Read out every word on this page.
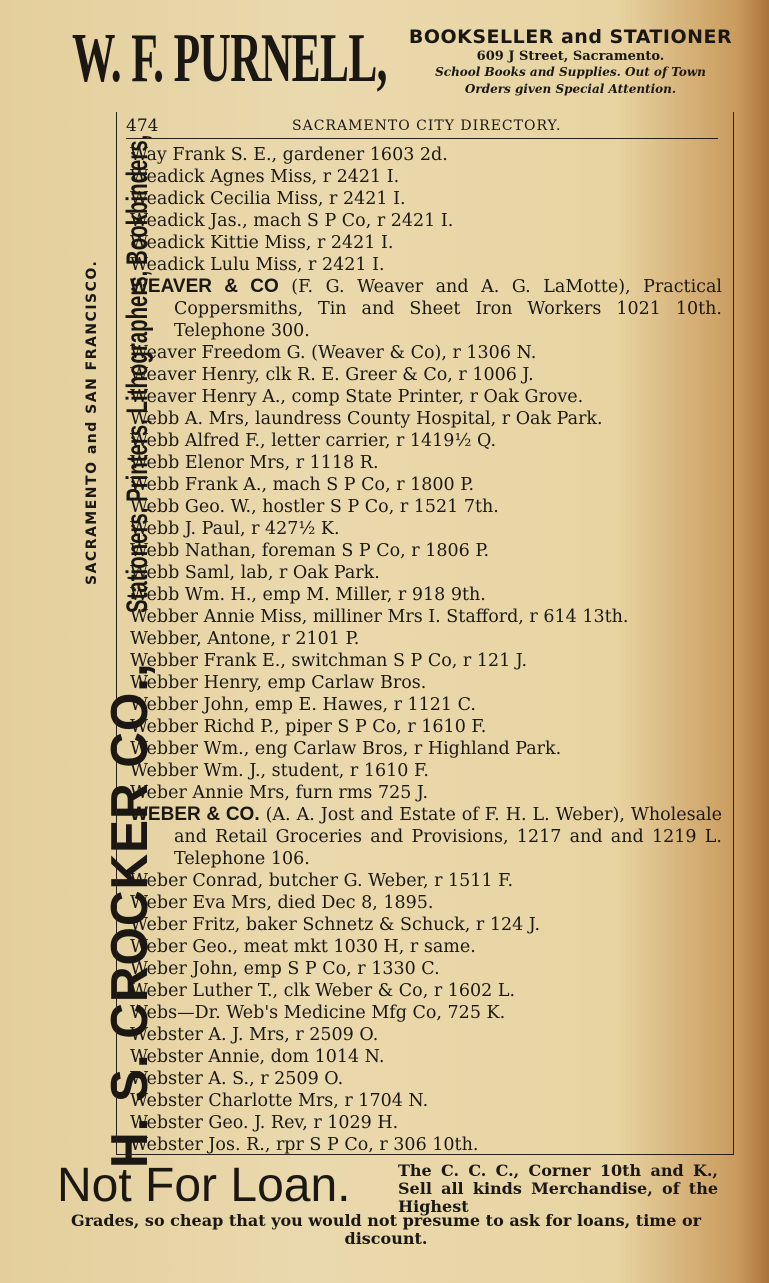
W. F. PURNELL, BOOKSELLER and STATIONER
609 J Street, Sacramento.
School Books and Supplies. Out of Town
Orders given Special Attention.
H. S. CROCKER CO., Stationers, Printers, Lithographers, Bookbinders,
SACRAMENTO and SAN FRANCISCO.
474	SACRAMENTO CITY DIRECTORY.
Way Frank S. E., gardener 1603 2d.
Weadick Agnes Miss, r 2421 I.
Weadick Cecilia Miss, r 2421 I.
Weadick Jas., mach S P Co, r 2421 I.
Weadick Kittie Miss, r 2421 I.
Weadick Lulu Miss, r 2421 I.
WEAVER & CO (F. G. Weaver and A. G. LaMotte), Practical Coppersmiths, Tin and Sheet Iron Workers 1021 10th. Telephone 300.
Weaver Freedom G. (Weaver & Co), r 1306 N.
Weaver Henry, clk R. E. Greer & Co, r 1006 J.
Weaver Henry A., comp State Printer, r Oak Grove.
Webb A. Mrs, laundress County Hospital, r Oak Park.
Webb Alfred F., letter carrier, r 1419½ Q.
Webb Elenor Mrs, r 1118 R.
Webb Frank A., mach S P Co, r 1800 P.
Webb Geo. W., hostler S P Co, r 1521 7th.
Webb J. Paul, r 427½ K.
Webb Nathan, foreman S P Co, r 1806 P.
Webb Saml, lab, r Oak Park.
Webb Wm. H., emp M. Miller, r 918 9th.
Webber Annie Miss, milliner Mrs I. Stafford, r 614 13th.
Webber, Antone, r 2101 P.
Webber Frank E., switchman S P Co, r 121 J.
Webber Henry, emp Carlaw Bros.
Webber John, emp E. Hawes, r 1121 C.
Webber Richd P., piper S P Co, r 1610 F.
Webber Wm., eng Carlaw Bros, r Highland Park.
Webber Wm. J., student, r 1610 F.
Weber Annie Mrs, furn rms 725 J.
WEBER & CO. (A. A. Jost and Estate of F. H. L. Weber), Wholesale and Retail Groceries and Provisions, 1217 and and 1219 L. Telephone 106.
Weber Conrad, butcher G. Weber, r 1511 F.
Weber Eva Mrs, died Dec 8, 1895.
Weber Fritz, baker Schnetz & Schuck, r 124 J.
Weber Geo., meat mkt 1030 H, r same.
Weber John, emp S P Co, r 1330 C.
Weber Luther T., clk Weber & Co, r 1602 L.
Webs—Dr. Web's Medicine Mfg Co, 725 K.
Webster A. J. Mrs, r 2509 O.
Webster Annie, dom 1014 N.
Webster A. S., r 2509 O.
Webster Charlotte Mrs, r 1704 N.
Webster Geo. J. Rev, r 1029 H.
Webster Jos. R., rpr S P Co, r 306 10th.
Not For Loan.	The C. C. C., Corner 10th and K., Sell all kinds Merchandise, of the Highest
Grades, so cheap that you would not presume to ask for loans, time or discount.
